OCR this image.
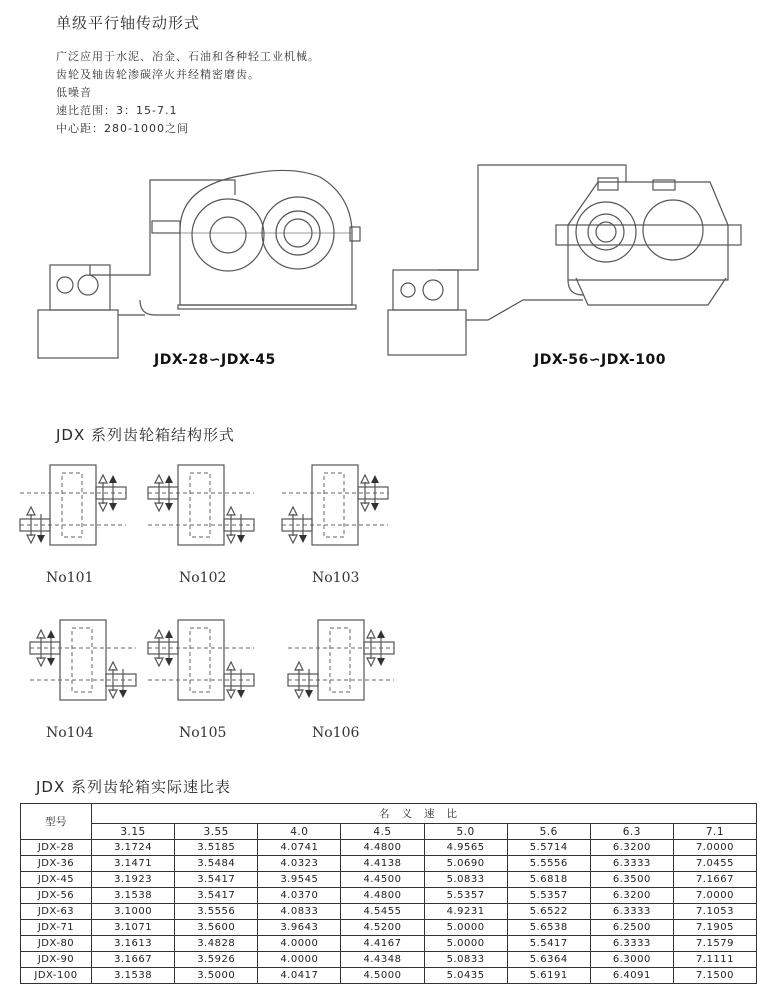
单级平行轴传动形式
广泛应用于水泥、冶金、石油和各种轻工业机械。
齿轮及轴齿轮渗碳淬火并经精密磨齿。
低噪音
速比范围：3：15-7.1
中心距：280-1000之间
JDX-28∽JDX-45	JDX-56∽JDX-100
JDX 系列齿轮箱结构形式
No101	No102	No103
No104	No105	No106
JDX 系列齿轮箱实际速比表
型号	名义速比							
	3.15	3.55	4.0	4.5	5.0	5.6	6.3	7.1
JDX-28	3.1724	3.5185	4.0741	4.4800	4.9565	5.5714	6.3200	7.0000
JDX-36	3.1471	3.5484	4.0323	4.4138	5.0690	5.5556	6.3333	7.0455
JDX-45	3.1923	3.5417	3.9545	4.4500	5.0833	5.6818	6.3500	7.1667
JDX-56	3.1538	3.5417	4.0370	4.4800	5.5357	5.5357	6.3200	7.0000
JDX-63	3.1000	3.5556	4.0833	4.5455	4.9231	5.6522	6.3333	7.1053
JDX-71	3.1071	3.5600	3.9643	4.5200	5.0000	5.6538	6.2500	7.1905
JDX-80	3.1613	3.4828	4.0000	4.4167	5.0000	5.5417	6.3333	7.1579
JDX-90	3.1667	3.5926	4.0000	4.4348	5.0833	5.6364	6.3000	7.1111
JDX-100	3.1538	3.5000	4.0417	4.5000	5.0435	5.6191	6.4091	7.1500
